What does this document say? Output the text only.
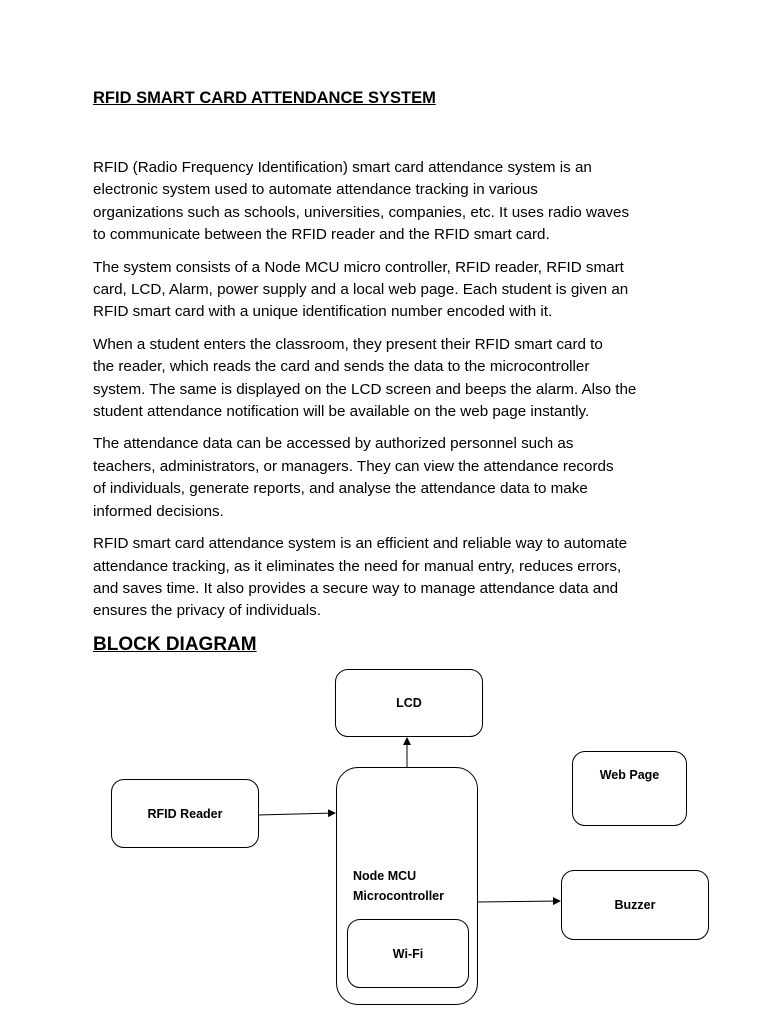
RFID SMART CARD ATTENDANCE SYSTEM

RFID (Radio Frequency Identification) smart card attendance system is an
electronic system used to automate attendance tracking in various
organizations such as schools, universities, companies, etc. It uses radio waves
to communicate between the RFID reader and the RFID smart card.

The system consists of a Node MCU micro controller, RFID reader, RFID smart
card, LCD, Alarm, power supply and a local web page. Each student is given an
RFID smart card with a unique identification number encoded with it.

When a student enters the classroom, they present their RFID smart card to
the reader, which reads the card and sends the data to the microcontroller
system. The same is displayed on the LCD screen and beeps the alarm. Also the
student attendance notification will be available on the web page instantly.

The attendance data can be accessed by authorized personnel such as
teachers, administrators, or managers. They can view the attendance records
of individuals, generate reports, and analyse the attendance data to make
informed decisions.

RFID smart card attendance system is an efficient and reliable way to automate
attendance tracking, as it eliminates the need for manual entry, reduces errors,
and saves time. It also provides a secure way to manage attendance data and
ensures the privacy of individuals.

BLOCK DIAGRAM
LCD
Web Page
RFID Reader
Node MCU
Microcontroller
Wi-Fi
Buzzer
